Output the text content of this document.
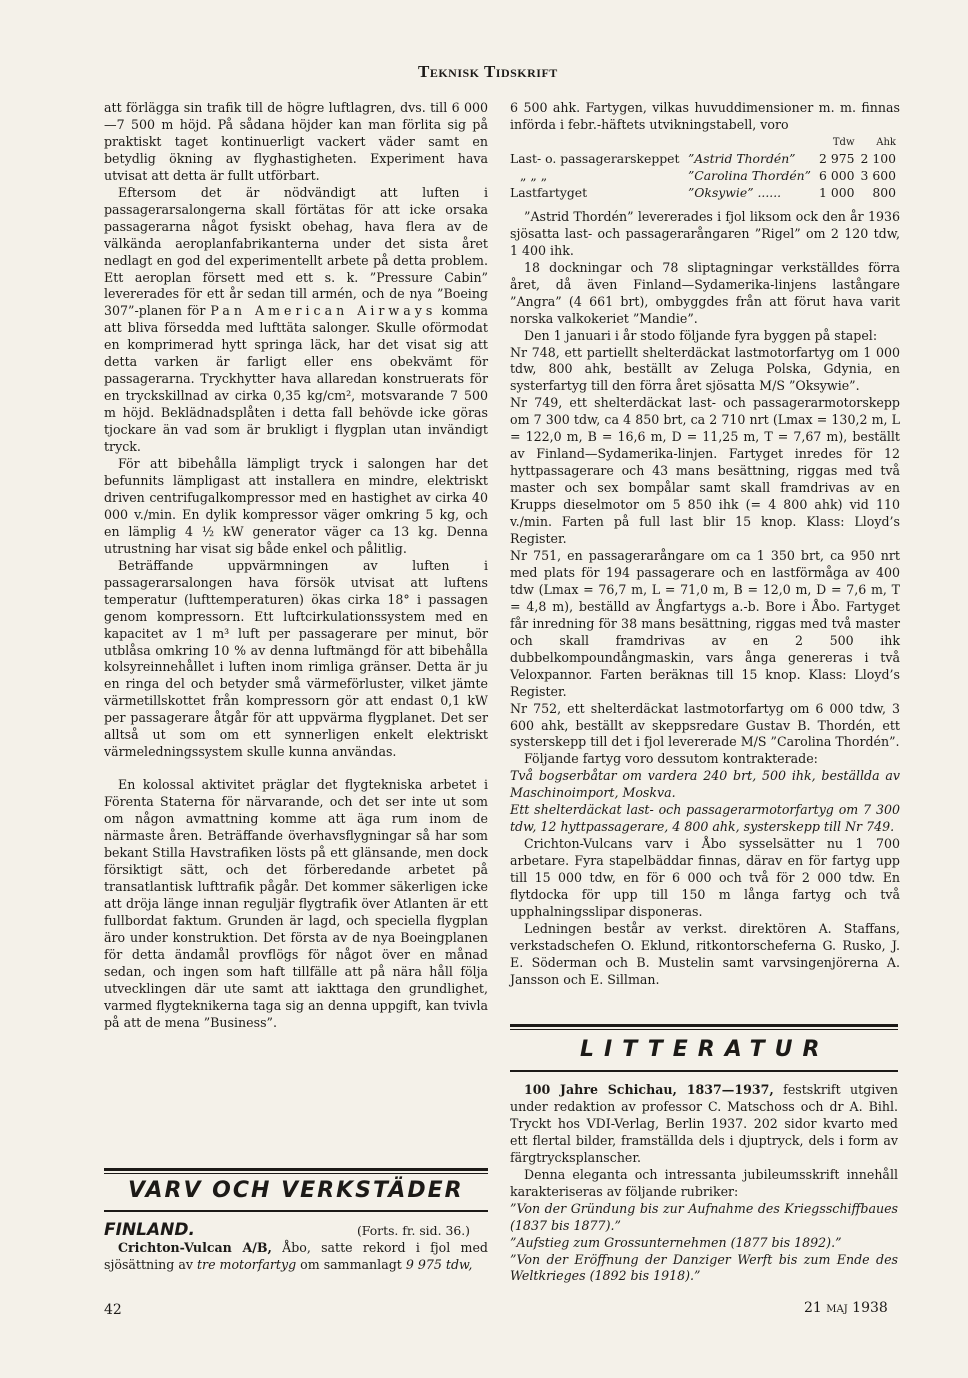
Teknisk Tidskrift

att förlägga sin trafik till de högre luftlagren, dvs. till 6 000—7 500 m höjd. På sådana höjder kan man förlita sig på praktiskt taget kontinuerligt vackert väder samt en betydlig ökning av flyghastigheten. Experiment hava utvisat att detta är fullt utförbart.

Eftersom det är nödvändigt att luften i passagerarsalongerna skall förtätas för att icke orsaka passagerarna något fysiskt obehag, hava flera av de välkända aeroplanfabrikanterna under det sista året nedlagt en god del experimentellt arbete på detta problem. Ett aeroplan försett med ett s. k. ”Pressure Cabin” levererades för ett år sedan till armén, och de nya ”Boeing 307”-planen för Pan American Airways komma att bliva försedda med lufttäta salonger. Skulle oförmodat en komprimerad hytt springa läck, har det visat sig att detta varken är farligt eller ens obekvämt för passagerarna. Tryckhytter hava allaredan konstruerats för en tryckskillnad av cirka 0,35 kg/cm², motsvarande 7 500 m höjd. Beklädnadsplåten i detta fall behövde icke göras tjockare än vad som är brukligt i flygplan utan invändigt tryck.

För att bibehålla lämpligt tryck i salongen har det befunnits lämpligast att installera en mindre, elektriskt driven centrifugalkompressor med en hastighet av cirka 40 000 v./min. En dylik kompressor väger omkring 5 kg, och en lämplig 4 ½ kW generator väger ca 13 kg. Denna utrustning har visat sig både enkel och pålitlig.

Beträffande uppvärmningen av luften i passagerarsalongen hava försök utvisat att luftens temperatur (lufttemperaturen) ökas cirka 18° i passagen genom kompressorn. Ett luftcirkulationssystem med en kapacitet av 1 m³ luft per passagerare per minut, bör utblåsa omkring 10 % av denna luftmängd för att bibehålla kolsyreinnehållet i luften inom rimliga gränser. Detta är ju en ringa del och betyder små värmeförluster, vilket jämte värmetillskottet från kompressorn gör att endast 0,1 kW per passagerare åtgår för att uppvärma flygplanet. Det ser alltså ut som om ett synnerligen enkelt elektriskt värmeledningssystem skulle kunna användas.

En kolossal aktivitet präglar det flygtekniska arbetet i Förenta Staterna för närvarande, och det ser inte ut som om någon avmattning komme att äga rum inom de närmaste åren. Beträffande överhavsflygningar så har som bekant Stilla Havstrafiken lösts på ett glänsande, men dock försiktigt sätt, och det förberedande arbetet på transatlantisk lufttrafik pågår. Det kommer säkerligen icke att dröja länge innan reguljär flygtrafik över Atlanten är ett fullbordat faktum. Grunden är lagd, och speciella flygplan äro under konstruktion. Det första av de nya Boeingplanen för detta ändamål provflögs för något över en månad sedan, och ingen som haft tillfälle att på nära håll följa utvecklingen där ute samt att iakttaga den grundlighet, varmed flygteknikerna taga sig an denna uppgift, kan tvivla på att de mena ”Business”.

VARV OCH VERKSTÄDER
FINLAND.	(Forts. fr. sid. 36.)

Crichton-Vulcan A/B, Åbo, satte rekord i fjol med sjösättning av tre motorfartyg om sammanlagt 9 975 tdw,

6 500 ahk. Fartygen, vilkas huvuddimensioner m. m. finnas införda i febr.-häftets utvikningstabell, voro

		Tdw	Ahk
Last- o. passagerarskeppet	”Astrid Thordén”	2 975	2 100
„ „ „	”Carolina Thordén”	6 000	3 600
Lastfartyget	”Oksywie” ......	1 000	800

”Astrid Thordén” levererades i fjol liksom ock den år 1936 sjösatta last- och passagerarångaren ”Rigel” om 2 120 tdw, 1 400 ihk.

18 dockningar och 78 sliptagningar verkställdes förra året, då även Finland—Sydamerika-linjens lastångare ”Angra” (4 661 brt), ombyggdes från att förut hava varit norska valkokeriet ”Mandie”.

Den 1 januari i år stodo följande fyra byggen på stapel:

Nr 748, ett partiellt shelterdäckat lastmotorfartyg om 1 000 tdw, 800 ahk, beställt av Zeluga Polska, Gdynia, en systerfartyg till den förra året sjösatta M/S ”Oksywie”.

Nr 749, ett shelterdäckat last- och passagerarmotorskepp om 7 300 tdw, ca 4 850 brt, ca 2 710 nrt (Lmax = 130,2 m, L = 122,0 m, B = 16,6 m, D = 11,25 m, T = 7,67 m), beställt av Finland—Sydamerika-linjen. Fartyget inredes för 12 hyttpassagerare och 43 mans besättning, riggas med två master och sex bompålar samt skall framdrivas av en Krupps dieselmotor om 5 850 ihk (= 4 800 ahk) vid 110 v./min. Farten på full last blir 15 knop. Klass: Lloyd’s Register.

Nr 751, en passagerarångare om ca 1 350 brt, ca 950 nrt med plats för 194 passagerare och en lastförmåga av 400 tdw (Lmax = 76,7 m, L = 71,0 m, B = 12,0 m, D = 7,6 m, T = 4,8 m), beställd av Ångfartygs a.-b. Bore i Åbo. Fartyget får inredning för 38 mans besättning, riggas med två master och skall framdrivas av en 2 500 ihk dubbelkompoundångmaskin, vars ånga genereras i två Veloxpannor. Farten beräknas till 15 knop. Klass: Lloyd’s Register.

Nr 752, ett shelterdäckat lastmotorfartyg om 6 000 tdw, 3 600 ahk, beställt av skeppsredare Gustav B. Thordén, ett systerskepp till det i fjol levererade M/S ”Carolina Thordén”.

Följande fartyg voro dessutom kontrakterade:

Två bogserbåtar om vardera 240 brt, 500 ihk, beställda av Maschinoimport, Moskva.

Ett shelterdäckat last- och passagerarmotorfartyg om 7 300 tdw, 12 hyttpassagerare, 4 800 ahk, systerskepp till Nr 749.

Crichton-Vulcans varv i Åbo sysselsätter nu 1 700 arbetare. Fyra stapelbäddar finnas, därav en för fartyg upp till 15 000 tdw, en för 6 000 och två för 2 000 tdw. En flytdocka för upp till 150 m långa fartyg och två upphalningsslipar disponeras.

Ledningen består av verkst. direktören A. Staffans, verkstadschefen O. Eklund, ritkontorscheferna G. Rusko, J. E. Söderman och B. Mustelin samt varvsingenjörerna A. Jansson och E. Sillman.

LITTERATUR

100 Jahre Schichau, 1837—1937, festskrift utgiven under redaktion av professor C. Matschoss och dr A. Bihl. Tryckt hos VDI-Verlag, Berlin 1937. 202 sidor kvarto med ett flertal bilder, framställda dels i djuptryck, dels i form av färgtrycksplanscher.

Denna eleganta och intressanta jubileumsskrift innehåll karakteriseras av följande rubriker:

”Von der Gründung bis zur Aufnahme des Kriegsschiffbaues (1837 bis 1877).”

”Aufstieg zum Grossunternehmen (1877 bis 1892).”

”Von der Eröffnung der Danziger Werft bis zum Ende des Weltkrieges (1892 bis 1918).”

42	21 maj 1938
